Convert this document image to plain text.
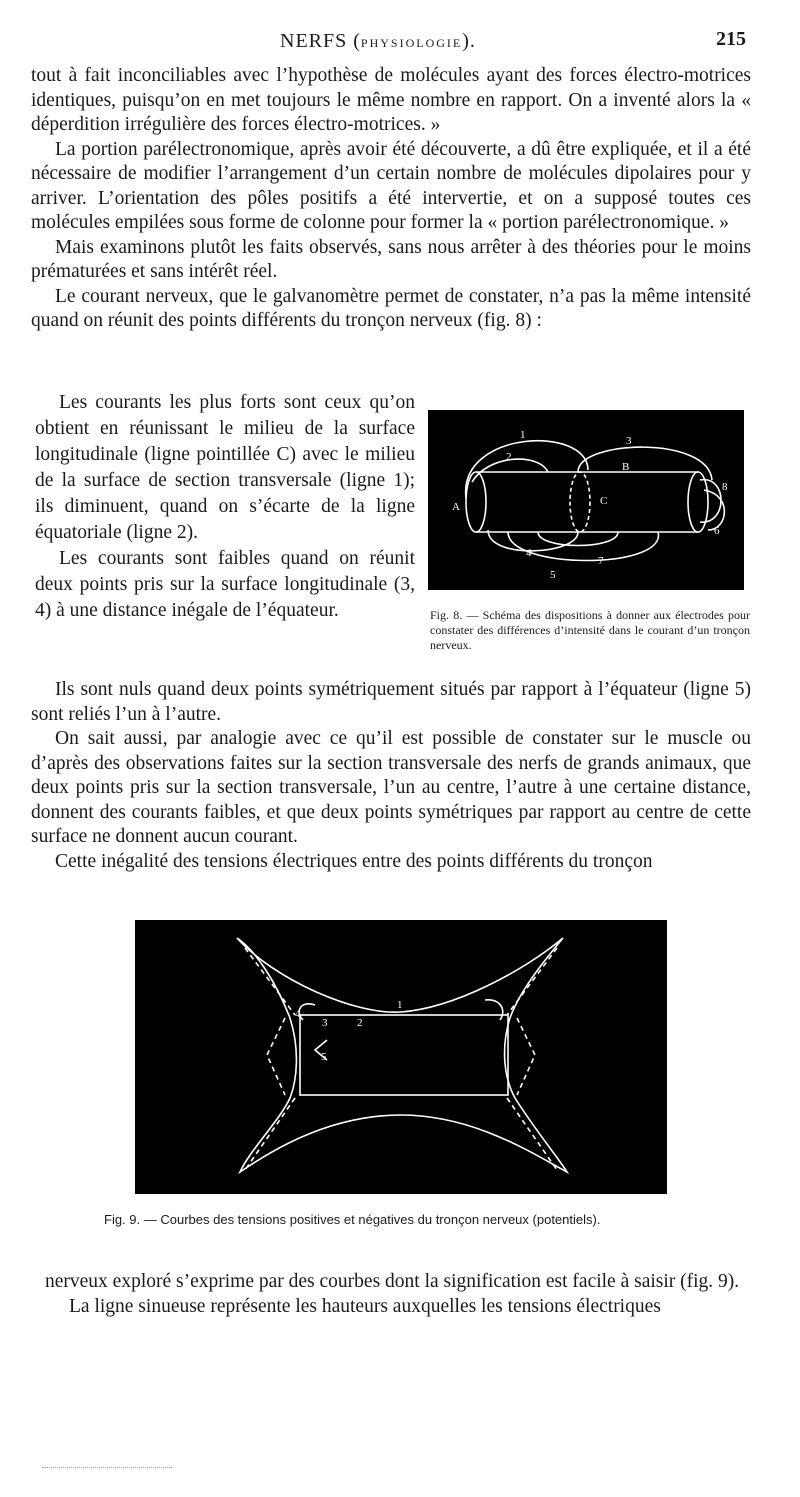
NERFS (PHYSIOLOGIE).	215

tout à fait inconciliables avec l’hypothèse de molécules ayant des forces électro-motrices identiques, puisqu’on en met toujours le même nombre en rapport. On a inventé alors la « déperdition irrégulière des forces électro-motrices. »

La portion parélectronomique, après avoir été découverte, a dû être expliquée, et il a été nécessaire de modifier l’arrangement d’un certain nombre de molécules dipolaires pour y arriver. L’orientation des pôles positifs a été intervertie, et on a supposé toutes ces molécules empilées sous forme de colonne pour former la « portion parélectronomique. »

Mais examinons plutôt les faits observés, sans nous arrêter à des théories pour le moins prématurées et sans intérêt réel.

Le courant nerveux, que le galvanomètre permet de constater, n’a pas la même intensité quand on réunit des points différents du tronçon nerveux (fig. 8) :

Les courants les plus forts sont ceux qu’on obtient en réunissant le milieu de la surface longitudinale (ligne pointillée C) avec le milieu de la surface de section transversale (ligne 1); ils diminuent, quand on s’écarte de la ligne équatoriale (ligne 2).

Les courants sont faibles quand on réunit deux points pris sur la surface longitudinale (3, 4) à une distance inégale de l’équateur.

1
2
3
B
A	C
8
6
4
7
5
Fig. 8. — Schéma des dispositions à donner aux électrodes pour constater des différences d’intensité dans le courant d’un tronçon nerveux.

Ils sont nuls quand deux points symétriquement situés par rapport à l’équateur (ligne 5) sont reliés l’un à l’autre.

On sait aussi, par analogie avec ce qu’il est possible de constater sur le muscle ou d’après des observations faites sur la section transversale des nerfs de grands animaux, que deux points pris sur la section transversale, l’un au centre, l’autre à une certaine distance, donnent des courants faibles, et que deux points symétriques par rapport au centre de cette surface ne donnent aucun courant.

Cette inégalité des tensions électriques entre des points différents du tronçon

1
2
3
4
5
Fig. 9. — Courbes des tensions positives et négatives du tronçon nerveux (potentiels).

nerveux exploré s’exprime par des courbes dont la signification est facile à saisir (fig. 9).

La ligne sinueuse représente les hauteurs auxquelles les tensions électriques
